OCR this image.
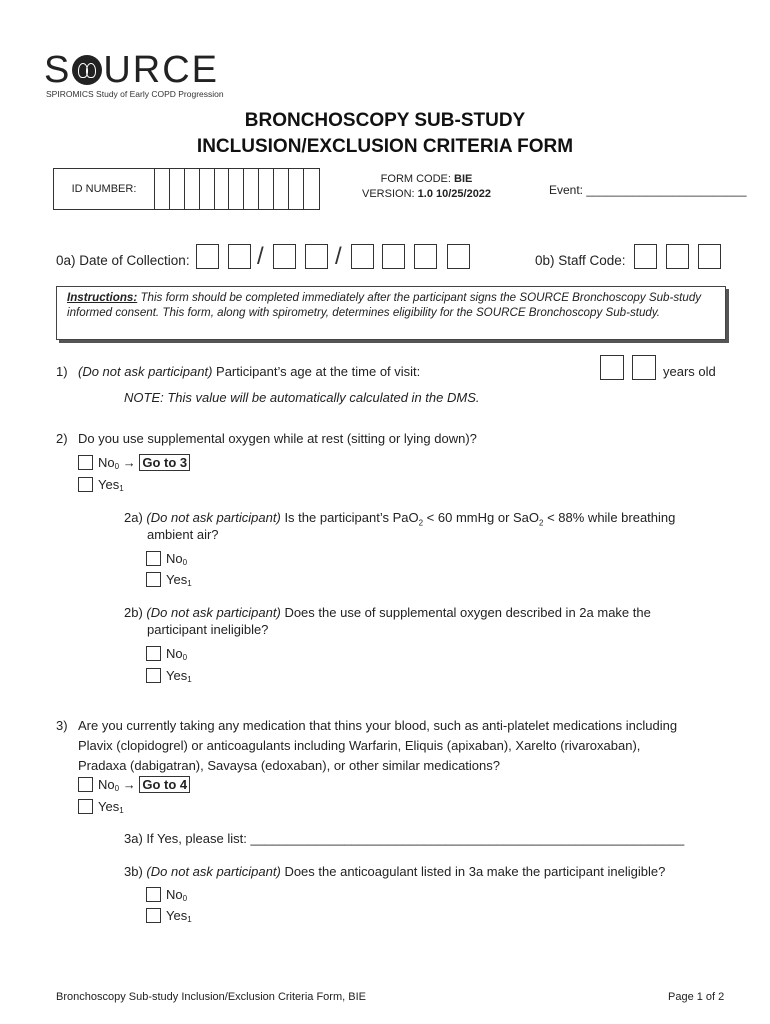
S URCE
SPIROMICS Study of Early COPD Progression
BRONCHOSCOPY SUB-STUDY
INCLUSION/EXCLUSION CRITERIA FORM
ID NUMBER:
FORM CODE: BIE
VERSION: 1.0 10/25/2022	Event: ________________________
0a) Date of Collection:	/	/	0b) Staff Code:
Instructions: This form should be completed immediately after the participant signs the SOURCE Bronchoscopy Sub-study informed consent. This form, along with spirometry, determines eligibility for the SOURCE Bronchoscopy Sub-study.
1) (Do not ask participant) Participant’s age at the time of visit:	years old
NOTE: This value will be automatically calculated in the DMS.
2) Do you use supplemental oxygen while at rest (sitting or lying down)?
$No_0 \to Go$ to 3
Yes$_1$
2a) (Do not ask participant) Is the participant’s PaO$_2$ < 60 mmHg or SaO$_2$ < 88% while breathing
ambient air?
$No_0$
Yes$_1$
2b) (Do not ask participant) Does the use of supplemental oxygen described in 2a make the
participant ineligible?
$No_0$
Yes$_1$
3) Are you currently taking any medication that thins your blood, such as anti-platelet medications including
Plavix (clopidogrel) or anticoagulants including Warfarin, Eliquis (apixaban), Xarelto (rivaroxaban),
Pradaxa (dabigatran), Savaysa (edoxaban), or other similar medications?
$No_0 \to Go$ to 4
Yes$_1$
3a) If Yes, please list: ____________________________________________________________
3b) (Do not ask participant) Does the anticoagulant listed in 3a make the participant ineligible?
$No_0$
Yes$_1$
Bronchoscopy Sub-study Inclusion/Exclusion Criteria Form, BIE	Page 1 of 2
